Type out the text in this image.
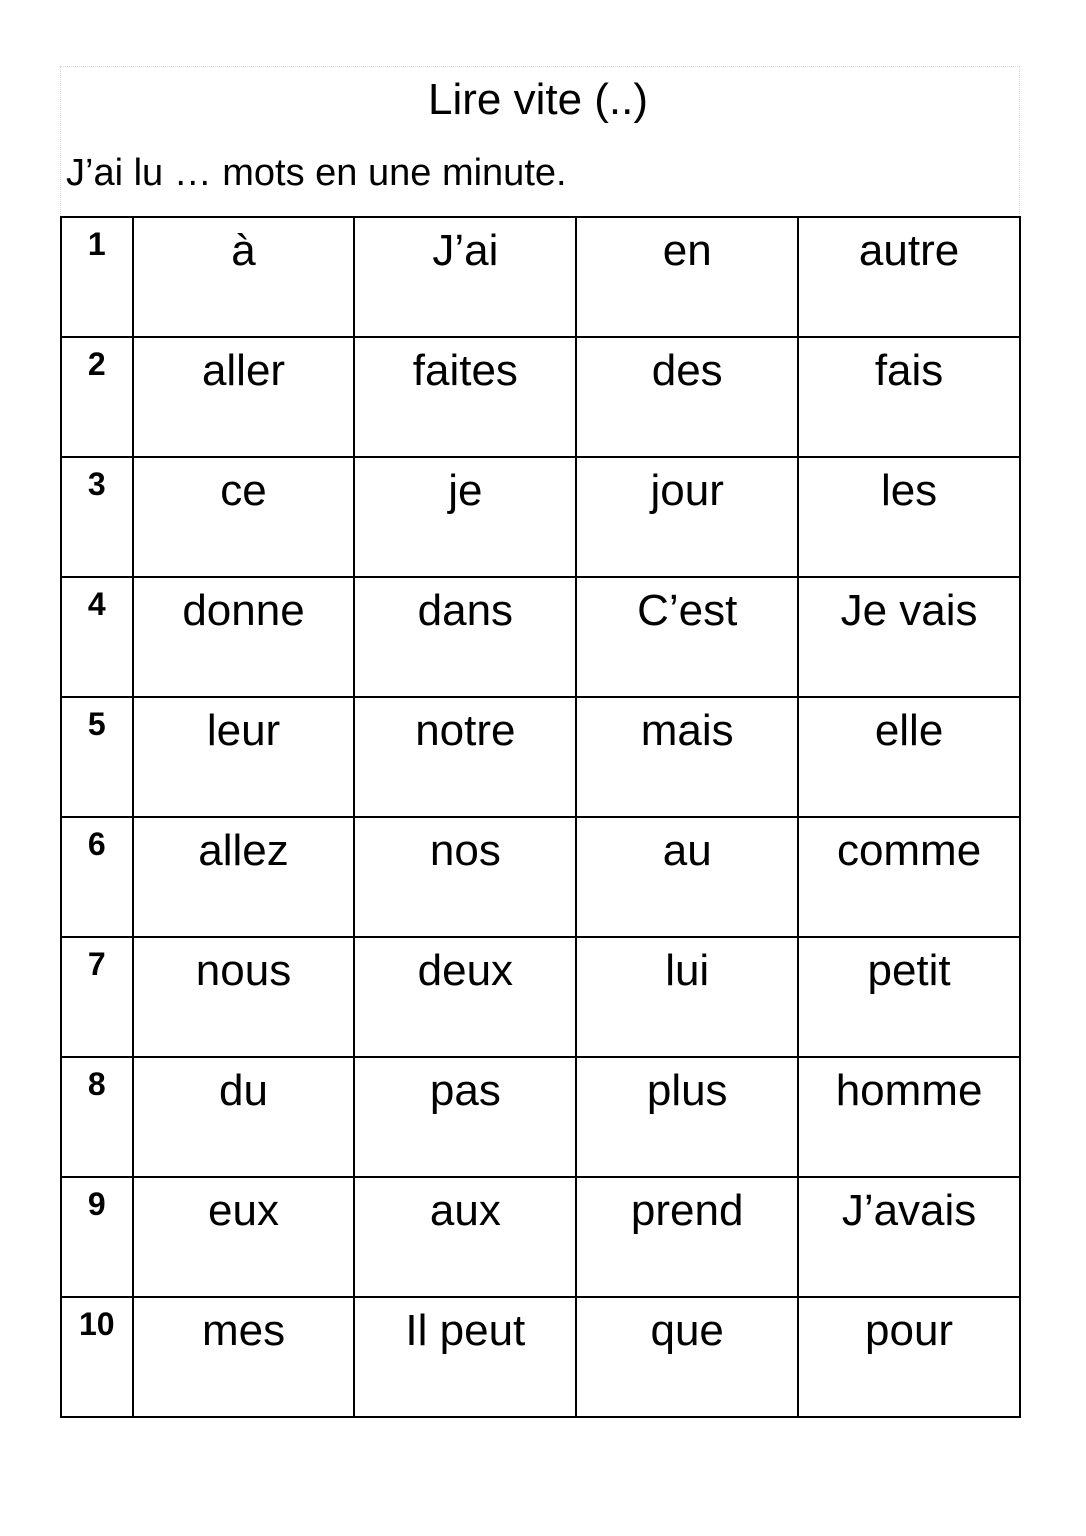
Lire vite (..)
J’ai lu … mots en une minute.
1	à	J’ai	en	autre
2	aller	faites	des	fais
3	ce	je	jour	les
4	donne	dans	C’est	Je vais
5	leur	notre	mais	elle
6	allez	nos	au	comme
7	nous	deux	lui	petit
8	du	pas	plus	homme
9	eux	aux	prend	J’avais
10	mes	Il peut	que	pour
